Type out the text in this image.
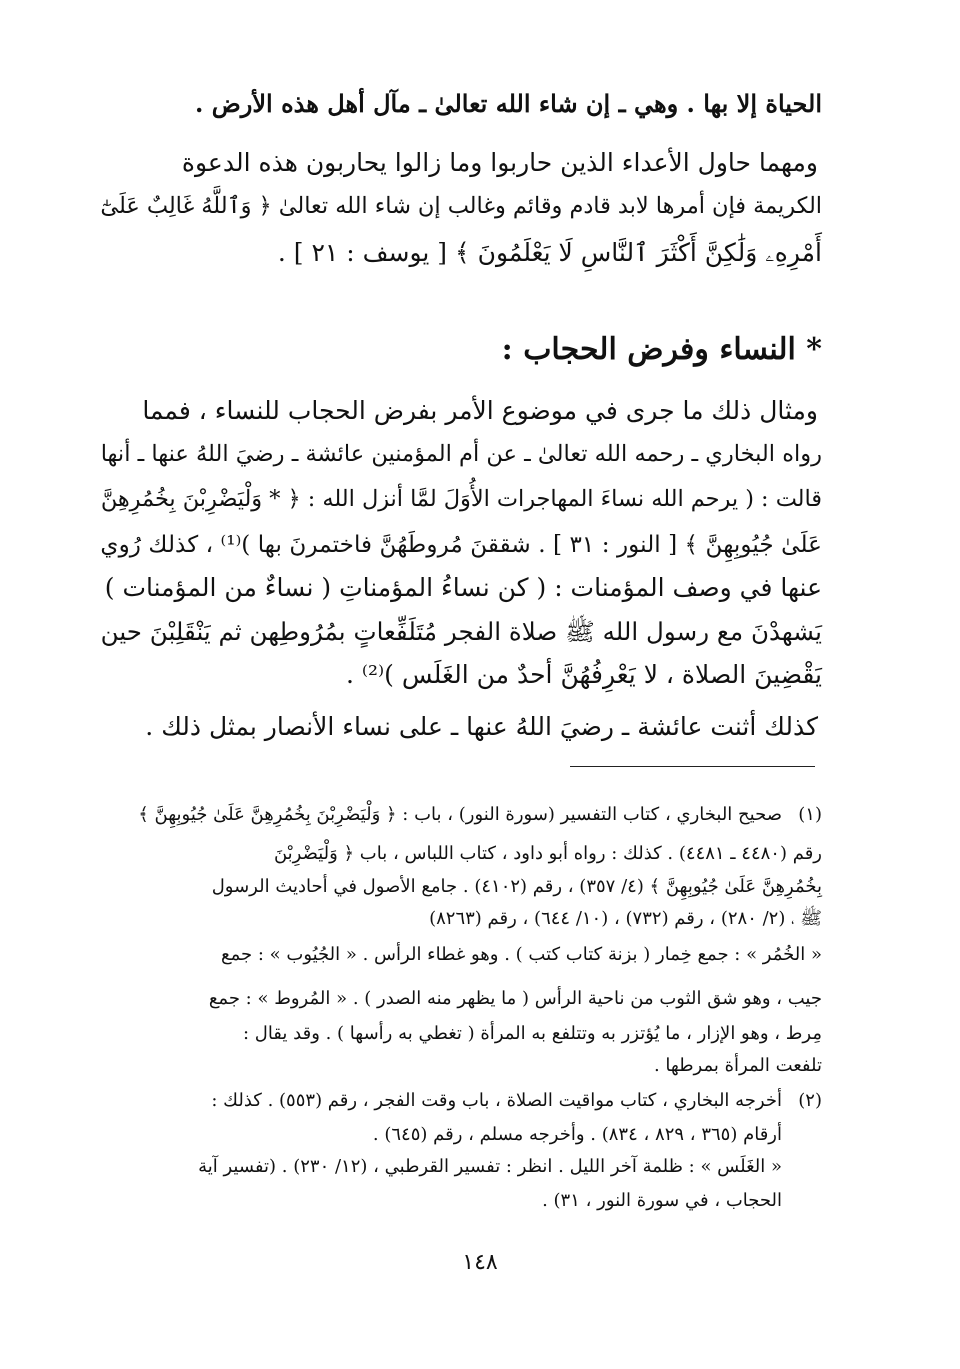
الحياة إلا بها . وهي ـ إن شاء الله تعالىٰ ـ مآل أهل هذه الأرض .

ومهما حاول الأعداء الذين حاربوا وما زالوا يحاربون هذه الدعوة

الكريمة فإن أمرها لابد قادم وقائم وغالب إن شاء الله تعالىٰ ﴿ وَٱللَّهُ غَالِبٌ عَلَىٰٓ

أَمْرِهِۦ وَلَٰكِنَّ أَكْثَرَ ٱلنَّاسِ لَا يَعْلَمُونَ ﴾ [ يوسف : ٢١ ] .

* النساء وفرض الحجاب :

ومثال ذلك ما جرى في موضوع الأمر بفرض الحجاب للنساء ، فمما

رواه البخاري ـ رحمه الله تعالىٰ ـ عن أم المؤمنين عائشة ـ رضيَ اللهُ عنها ـ أنها

قالت : ( يرحم الله نساءَ المهاجرات الأُوَلَ لمَّا أنزل الله : ﴿ * وَلْيَضْرِبْنَ بِخُمُرِهِنَّ

عَلَىٰ جُيُوبِهِنَّ ﴾ [ النور : ٣١ ] . شققنَ مُروطَهُنَّ فاختمرنَ بها )⁽¹⁾ ، كذلك رُوي

عنها في وصف المؤمنات : ( كن نساءُ المؤمناتِ ( نساءٌ من المؤمنات )

يَشهدْنَ مع رسول الله ﷺ صلاة الفجر مُتَلَفِّعاتٍ بمُرُوطِهن ثم يَنْقَلِبْنَ حين

يَقْضِينَ الصلاة ، لا يَعْرِفُهُنَّ أحدٌ من الغَلَس )⁽²⁾ .

كذلك أثنت عائشة ـ رضيَ اللهُ عنها ـ على نساء الأنصار بمثل ذلك .

(١)

صحيح البخاري ، كتاب التفسير (سورة النور) ، باب : ﴿ وَلْيَضْرِبْنَ بِخُمُرِهِنَّ عَلَىٰ جُيُوبِهِنَّ ﴾

رقم (٤٤٨٠ ـ ٤٤٨١) . كذلك : رواه أبو داود ، كتاب اللباس ، باب ﴿ وَلْيَضْرِبْنَ

بِخُمُرِهِنَّ عَلَىٰ جُيُوبِهِنَّ ﴾ (٤/ ٣٥٧) ، رقم (٤١٠٢) . جامع الأصول في أحاديث الرسول

ﷺ ، (٢/ ٢٨٠) ، رقم (٧٣٢) ، (١٠/ ٦٤٤) ، رقم (٨٢٦٣)

« الخُمُر » : جمع خِمار ( بزنة كتاب كتب ) . وهو غطاء الرأس . « الجُيُوب » : جمع

جيب ، وهو شق الثوب من ناحية الرأس ( ما يظهر منه الصدر ) . « المُروط » : جمع

مِرط ، وهو الإزار ، ما يُؤتزر به وتتلفع به المرأة ( تغطي به رأسها ) . وقد يقال :

تلفعت المرأة بمرطها .

(٢)

أخرجه البخاري ، كتاب مواقيت الصلاة ، باب وقت الفجر ، رقم (٥٥٣) . كذلك :

أرقام (٣٦٥ ، ٨٢٩ ، ٨٣٤) . وأخرجه مسلم ، رقم (٦٤٥) .

« الغَلَس » : ظلمة آخر الليل . انظر : تفسير القرطبي ، (١٢/ ٢٣٠) . (تفسير آية

الحجاب ، في سورة النور ، ٣١) .

١٤٨
